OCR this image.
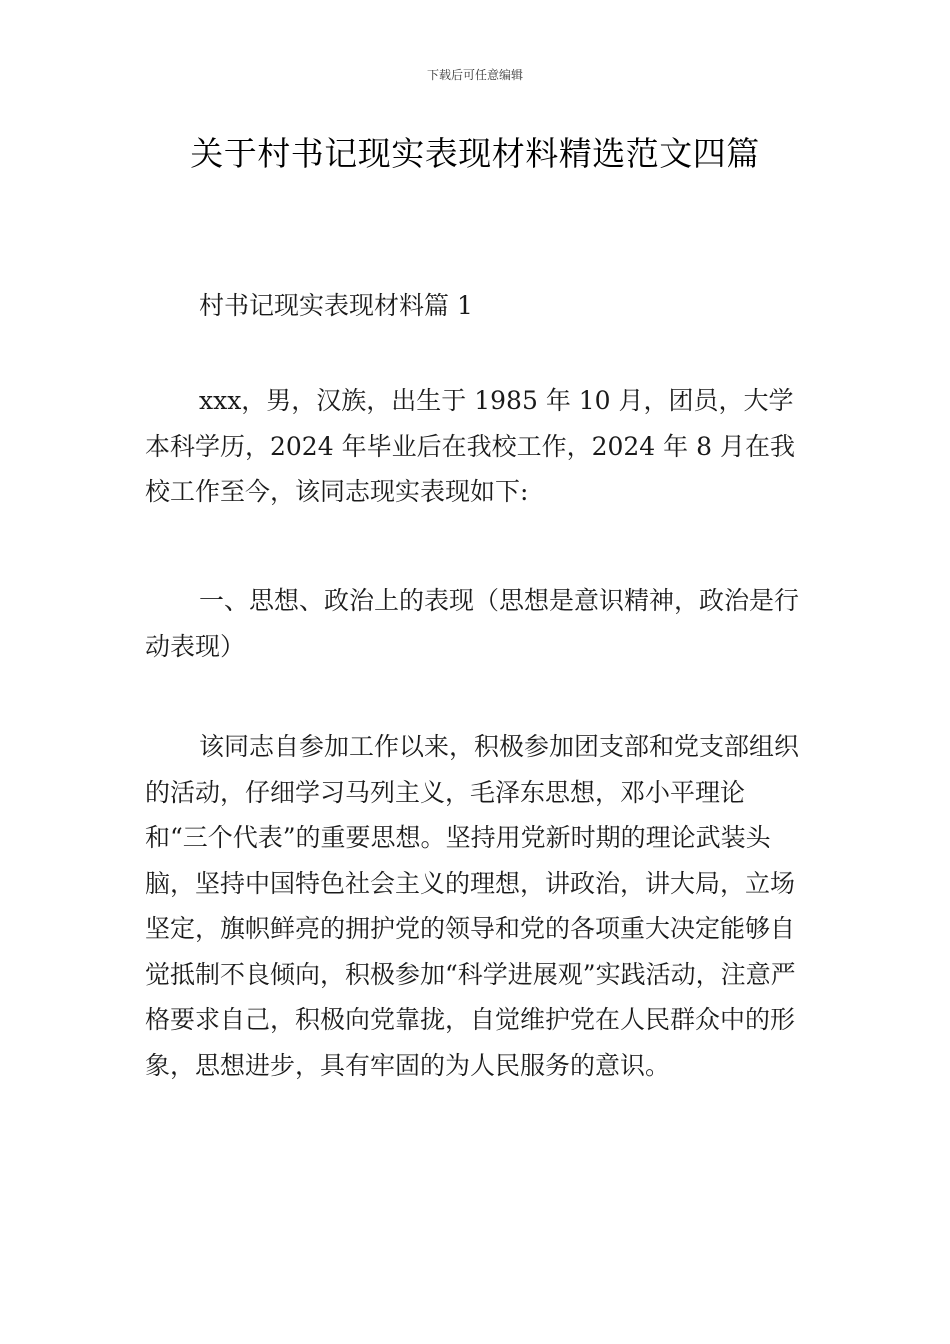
下载后可任意编辑
关于村书记现实表现材料精选范文四篇

村书记现实表现材料篇 1

xxx，男，汉族，出生于 1985 年 10 月，团员，大学本科学历，2024 年毕业后在我校工作，2024 年 8 月在我校工作至今，该同志现实表现如下:

一、思想、政治上的表现（思想是意识精神，政治是行动表现）

该同志自参加工作以来，积极参加团支部和党支部组织的活动，仔细学习马列主义，毛泽东思想，邓小平理论和“三个代表”的重要思想。坚持用党新时期的理论武装头脑，坚持中国特色社会主义的理想，讲政治，讲大局，立场坚定，旗帜鲜亮的拥护党的领导和党的各项重大决定能够自觉抵制不良倾向，积极参加“科学进展观”实践活动，注意严格要求自己，积极向党靠拢，自觉维护党在人民群众中的形象，思想进步，具有牢固的为人民服务的意识。
